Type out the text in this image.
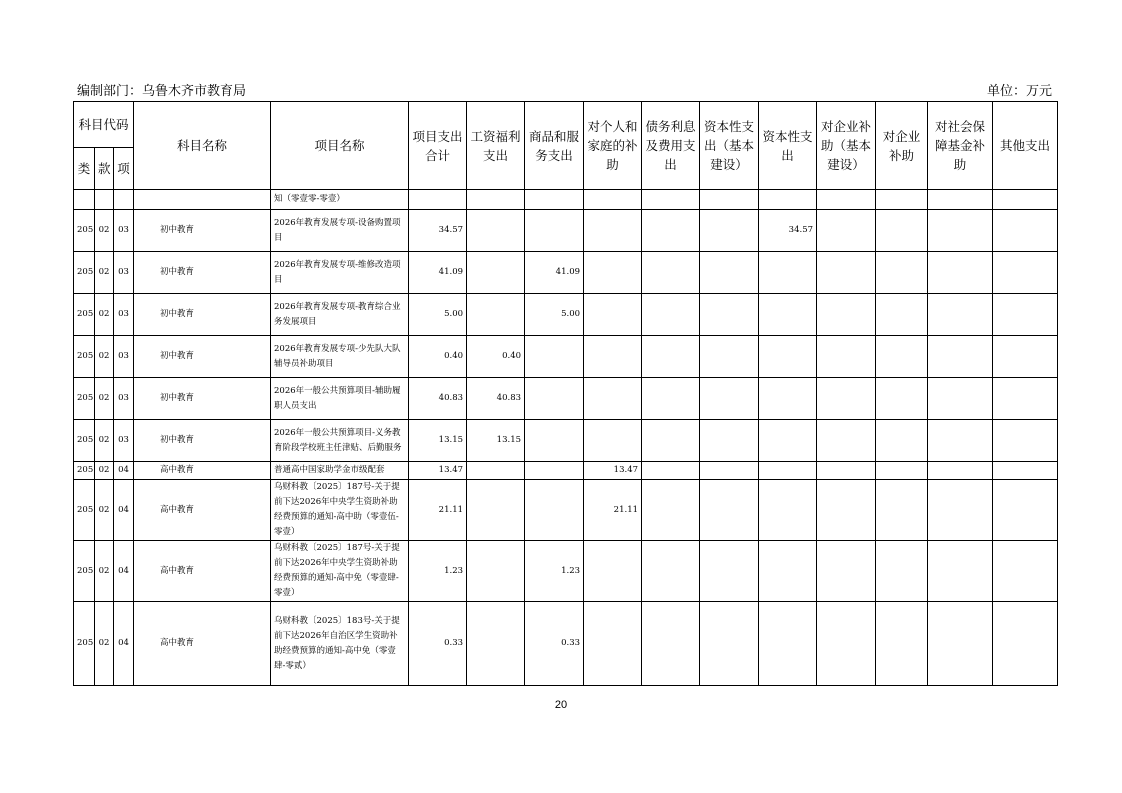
编制部门：乌鲁木齐市教育局	单位：万元
科目代码			科目名称	项目名称	项目支出合计	工资福利支出	商品和服务支出	对个人和家庭的补助	债务利息及费用支出	资本性支出（基本建设）	资本性支出	对企业补助（基本建设）	对企业补助	对社会保障基金补助	其他支出
类	款	项													
				知（零壹零-零壹）											
205	02	03	初中教育	2026年教育发展专项-设备购置项目	34.57						34.57				
205	02	03	初中教育	2026年教育发展专项-维修改造项目	41.09		41.09								
205	02	03	初中教育	2026年教育发展专项-教育综合业务发展项目	5.00		5.00								
205	02	03	初中教育	2026年教育发展专项-少先队大队辅导员补助项目	0.40	0.40									
205	02	03	初中教育	2026年一般公共预算项目-辅助履职人员支出	40.83	40.83									
205	02	03	初中教育	2026年一般公共预算项目-义务教育阶段学校班主任津贴、后勤服务	13.15	13.15									
205	02	04	高中教育	普通高中国家助学金市级配套	13.47			13.47							
205	02	04	高中教育	乌财科教〔2025〕187号-关于提前下达2026年中央学生资助补助经费预算的通知-高中助（零壹伍-零壹）	21.11			21.11							
205	02	04	高中教育	乌财科教〔2025〕187号-关于提前下达2026年中央学生资助补助经费预算的通知-高中免（零壹肆-零壹）	1.23		1.23								
205	02	04	高中教育	乌财科教〔2025〕183号-关于提前下达2026年自治区学生资助补助经费预算的通知-高中免（零壹肆-零贰）	0.33		0.33								
20
